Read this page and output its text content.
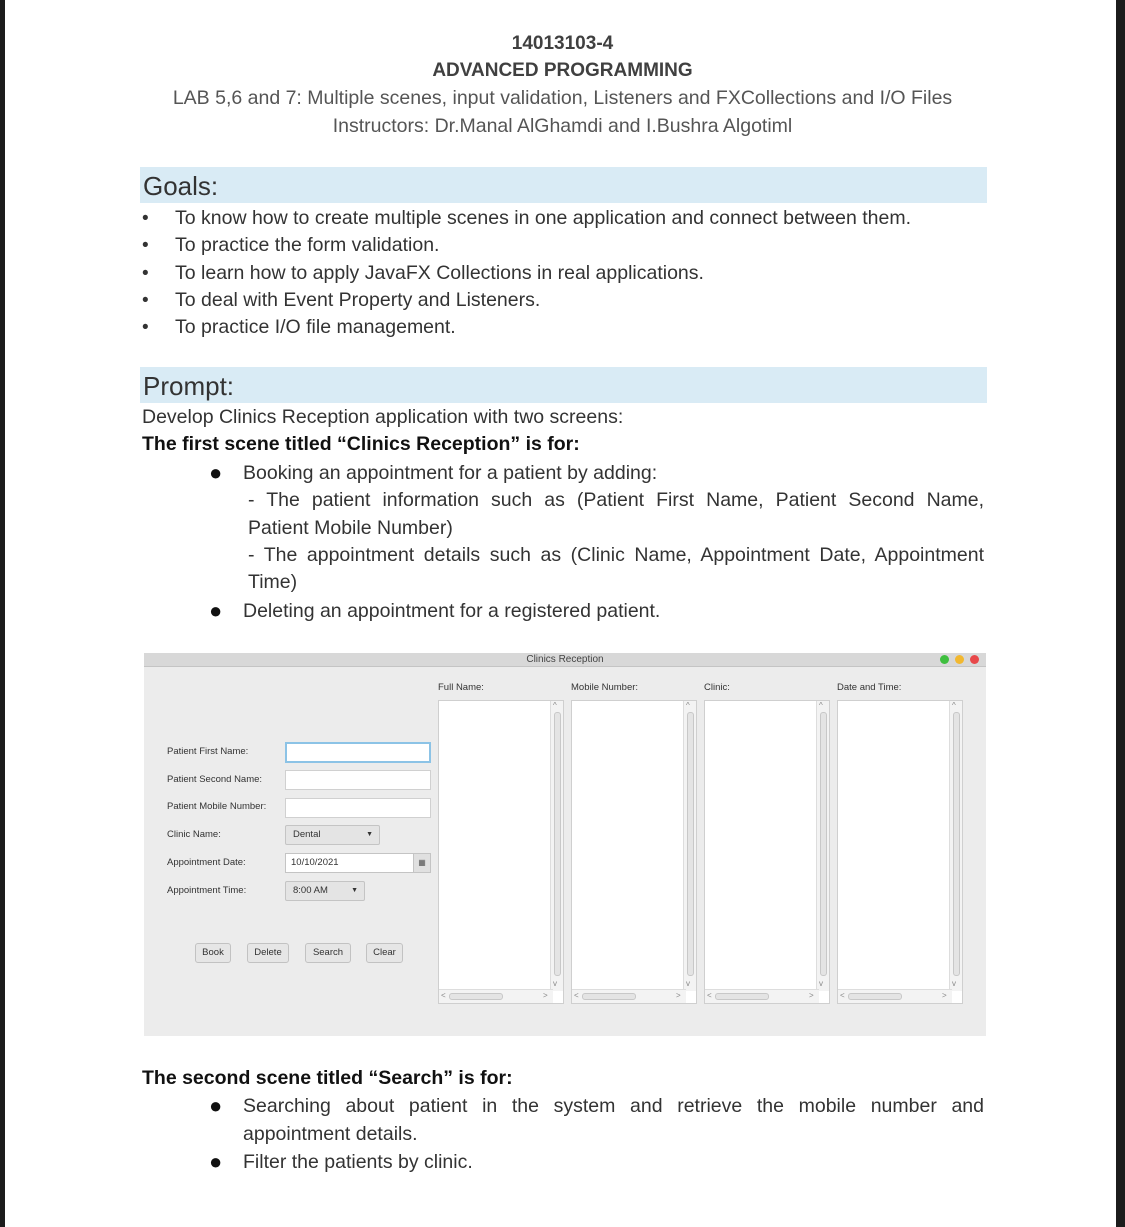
14013103-4
ADVANCED PROGRAMMING
LAB 5,6 and 7: Multiple scenes, input validation, Listeners and FXCollections and I/O Files
Instructors: Dr.Manal AlGhamdi and I.Bushra Algotiml
Goals:
• To know how to create multiple scenes in one application and connect between them.
• To practice the form validation.
• To learn how to apply JavaFX Collections in real applications.
• To deal with Event Property and Listeners.
• To practice I/O file management.
Prompt:
Develop Clinics Reception application with two screens:
The first scene titled “Clinics Reception” is for:
● Booking an appointment for a patient by adding:
- The patient information such as (Patient First Name, Patient Second Name,
Patient Mobile Number)
- The appointment details such as (Clinic Name, Appointment Date, Appointment
Time)
● Deleting an appointment for a registered patient.
Clinics Reception
Patient First Name:
Patient Second Name:
Patient Mobile Number:
Clinic Name:	Dental	▼
Appointment Date:	10/10/2021	▦
Appointment Time:	8:00 AM	▼
Book	Delete	Search	Clear
Full Name:	Mobile Number:	Clinic:	Date and Time:
^
v
<	>
^
v
<	>
^
v
<	>
^
v
<	>
The second scene titled “Search” is for:
● Searching about patient in the system and retrieve the mobile number and
appointment details.
● Filter the patients by clinic.
